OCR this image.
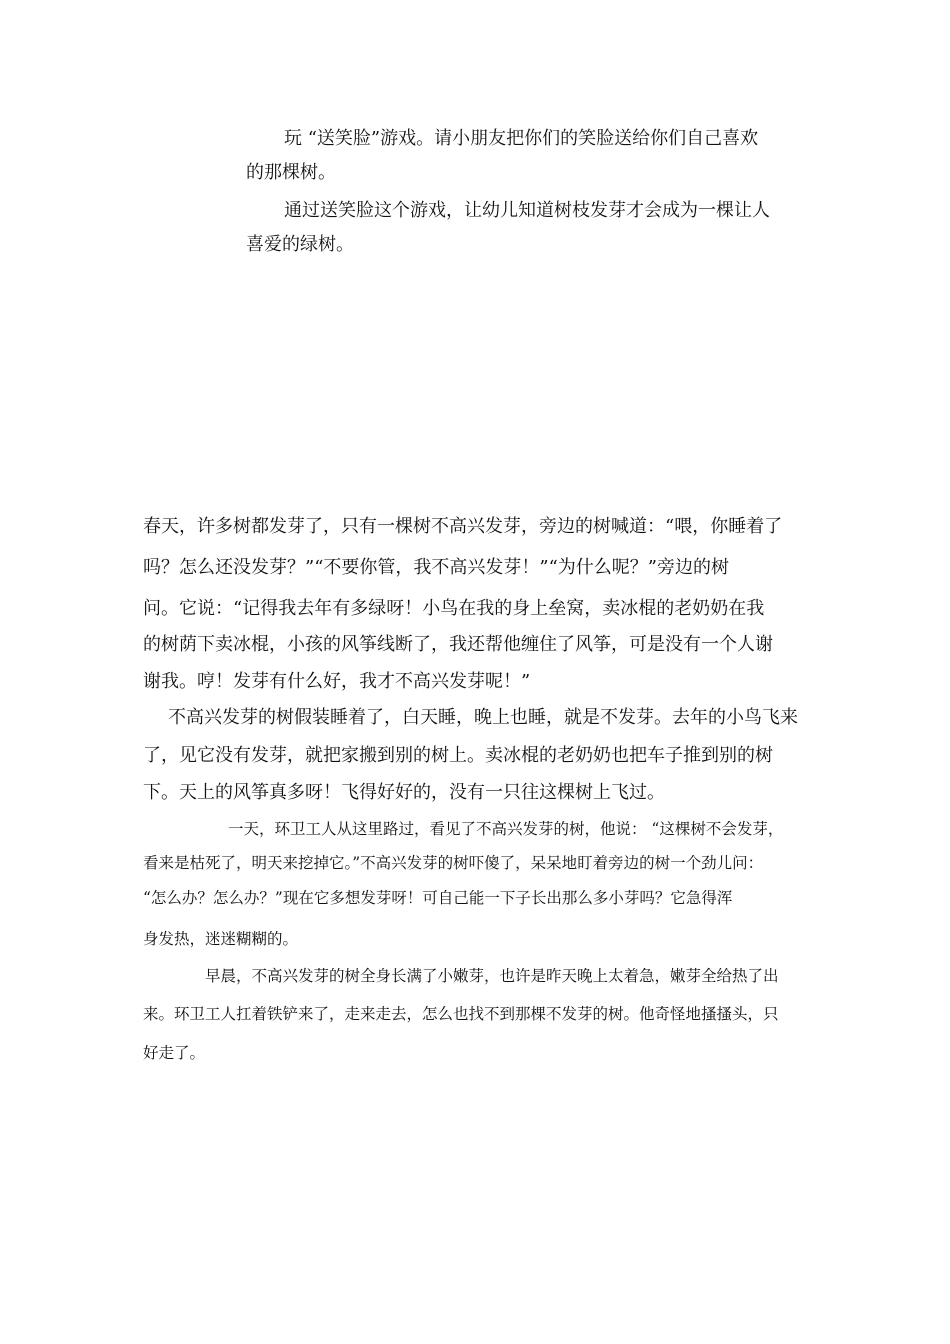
玩 “送笑脸”游戏。请小朋友把你们的笑脸送给你们自己喜欢

的那棵树。

通过送笑脸这个游戏，让幼儿知道树枝发芽才会成为一棵让人

喜爱的绿树。

春天，许多树都发芽了，只有一棵树不高兴发芽，旁边的树喊道：“喂，你睡着了

吗？怎么还没发芽？”“不要你管，我不高兴发芽！”“为什么呢？”旁边的树

问。它说：“记得我去年有多绿呀！小鸟在我的身上垒窝，卖冰棍的老奶奶在我

的树荫下卖冰棍，小孩的风筝线断了，我还帮他缠住了风筝，可是没有一个人谢

谢我。哼！发芽有什么好，我才不高兴发芽呢！”

不高兴发芽的树假装睡着了，白天睡，晚上也睡，就是不发芽。去年的小鸟飞来

了，见它没有发芽，就把家搬到别的树上。卖冰棍的老奶奶也把车子推到别的树

下。天上的风筝真多呀！飞得好好的，没有一只往这棵树上飞过。

一天，环卫工人从这里路过，看见了不高兴发芽的树，他说： “这棵树不会发芽，

看来是枯死了，明天来挖掉它。”不高兴发芽的树吓傻了，呆呆地盯着旁边的树一个劲儿问：

“怎么办？怎么办？”现在它多想发芽呀！可自己能一下子长出那么多小芽吗？它急得浑

身发热，迷迷糊糊的。

早晨，不高兴发芽的树全身长满了小嫩芽，也许是昨天晚上太着急，嫩芽全给热了出

来。环卫工人扛着铁铲来了，走来走去，怎么也找不到那棵不发芽的树。他奇怪地搔搔头，只

好走了。
